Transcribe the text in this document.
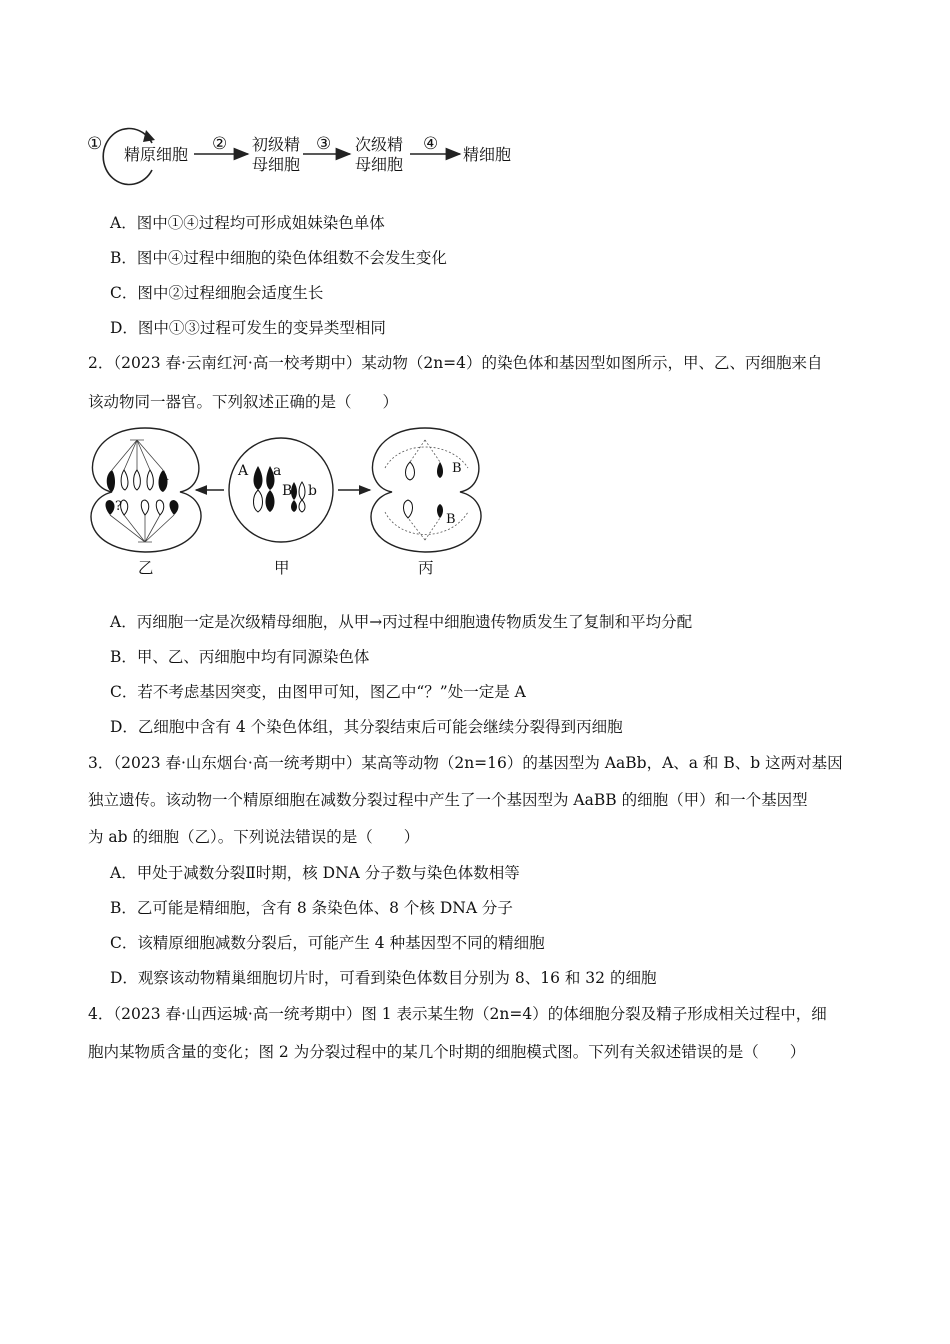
①
精原细胞
② 初级精
母细胞
③ 次级精
母细胞
④
精细胞
A．图中①④过程均可形成姐妹染色单体
B．图中④过程中细胞的染色体组数不会发生变化
C．图中②过程细胞会适度生长
D．图中①③过程可发生的变异类型相同
2．（2023 春·云南红河·高一校考期中）某动物（2n=4）的染色体和基因型如图所示，甲、乙、丙细胞来自
该动物同一器官。下列叙述正确的是（　　）
A
?
A a
B b
B
B
乙	甲	丙
A．丙细胞一定是次级精母细胞，从甲→丙过程中细胞遗传物质发生了复制和平均分配
B．甲、乙、丙细胞中均有同源染色体
C．若不考虑基因突变，由图甲可知，图乙中“？”处一定是 A
D．乙细胞中含有 4 个染色体组，其分裂结束后可能会继续分裂得到丙细胞
3．（2023 春·山东烟台·高一统考期中）某高等动物（2n=16）的基因型为 AaBb，A、a 和 B、b 这两对基因
独立遗传。该动物一个精原细胞在减数分裂过程中产生了一个基因型为 AaBB 的细胞（甲）和一个基因型
为 ab 的细胞（乙）。下列说法错误的是（　　）
A．甲处于减数分裂Ⅱ时期，核 DNA 分子数与染色体数相等
B．乙可能是精细胞，含有 8 条染色体、8 个核 DNA 分子
C．该精原细胞减数分裂后，可能产生 4 种基因型不同的精细胞
D．观察该动物精巢细胞切片时，可看到染色体数目分别为 8、16 和 32 的细胞
4．（2023 春·山西运城·高一统考期中）图 1 表示某生物（2n=4）的体细胞分裂及精子形成相关过程中，细
胞内某物质含量的变化；图 2 为分裂过程中的某几个时期的细胞模式图。下列有关叙述错误的是（　　）
